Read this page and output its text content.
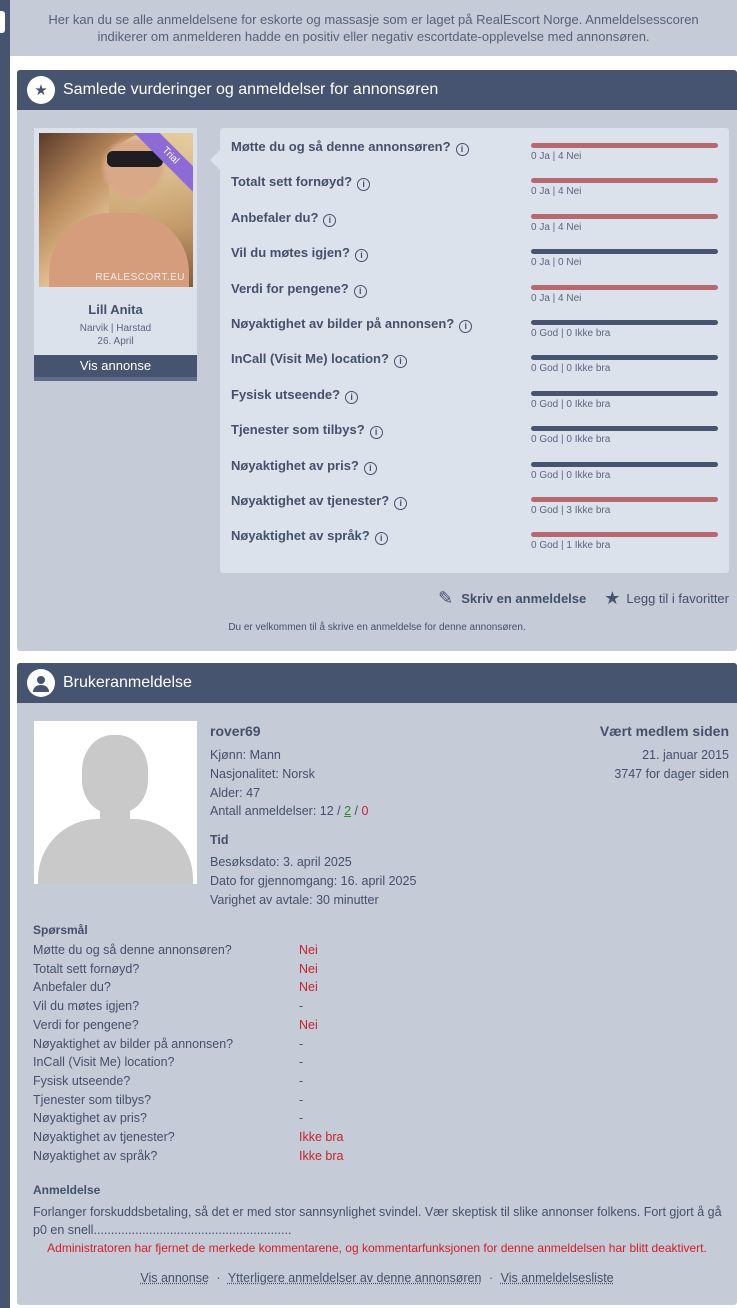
Her kan du se alle anmeldelsene for eskorte og massasje som er laget på RealEscort Norge. Anmeldelsesscoren
indikerer om anmelderen hadde en positiv eller negativ escortdate-opplevelse med annonsøren.
★ Samlede vurderinger og anmeldelser for annonsøren
REALESCORT.EU
Trial
Lill Anita
Narvik | Harstad
26. April
Vis annonse
Møtte du og så denne annonsøren? i
0 Ja | 4 Nei
Totalt sett fornøyd? i
0 Ja | 4 Nei
Anbefaler du? i
0 Ja | 4 Nei
Vil du møtes igjen? i
0 Ja | 0 Nei
Verdi for pengene? i
0 Ja | 4 Nei
Nøyaktighet av bilder på annonsen? i
0 God | 0 Ikke bra
InCall (Visit Me) location? i
0 God | 0 Ikke bra
Fysisk utseende? i
0 God | 0 Ikke bra
Tjenester som tilbys? i
0 God | 0 Ikke bra
Nøyaktighet av pris? i
0 God | 0 Ikke bra
Nøyaktighet av tjenester? i
0 God | 3 Ikke bra
Nøyaktighet av språk? i
0 God | 1 Ikke bra
✎ Skriv en anmeldelse ★ Legg til i favoritter
Du er velkommen til å skrive en anmeldelse for denne annonsøren.
Brukeranmeldelse
rover69
Kjønn: Mann
Nasjonalitet: Norsk
Alder: 47
Antall anmeldelser: 12 / 2 / 0
Vært medlem siden
21. januar 2015
3747 for dager siden
Tid
Besøksdato: 3. april 2025
Dato for gjennomgang: 16. april 2025
Varighet av avtale: 30 minutter
Spørsmål
Møtte du og så denne annonsøren?	Nei
Totalt sett fornøyd?	Nei
Anbefaler du?	Nei
Vil du møtes igjen?	-
Verdi for pengene?	Nei
Nøyaktighet av bilder på annonsen?	-
InCall (Visit Me) location?	-
Fysisk utseende?	-
Tjenester som tilbys?	-
Nøyaktighet av pris?	-
Nøyaktighet av tjenester?	Ikke bra
Nøyaktighet av språk?	Ikke bra
Anmeldelse
Forlanger forskuddsbetaling, så det er med stor sannsynlighet svindel. Vær skeptisk til slike annonser folkens. Fort gjort å gå p0 en snell.........................................................
Administratoren har fjernet de merkede kommentarene, og kommentarfunksjonen for denne anmeldelsen har blitt deaktivert.
Vis annonse · Ytterligere anmeldelser av denne annonsøren · Vis anmeldelsesliste
